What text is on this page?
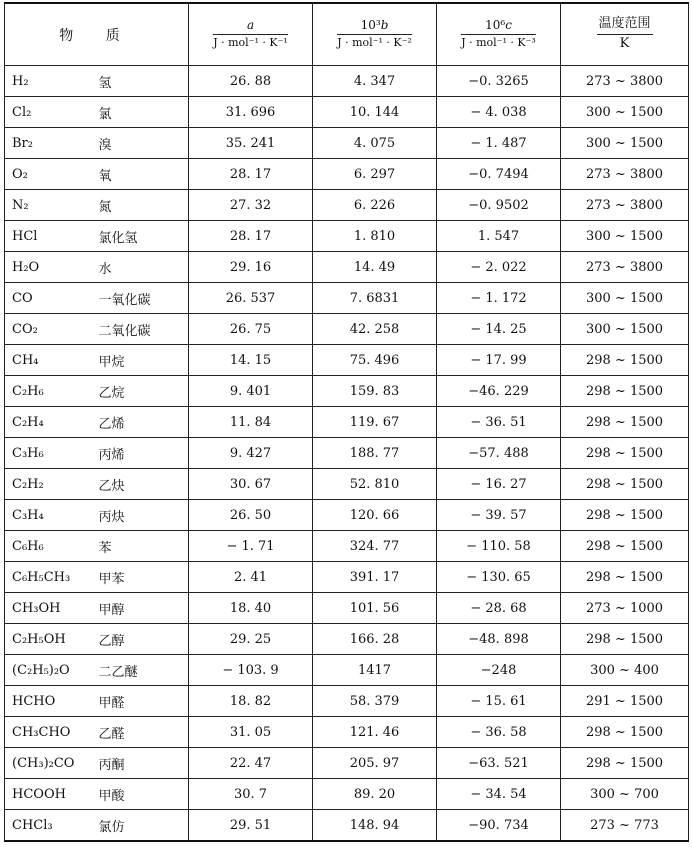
物 质		$\frac{a}{\text{J · mol⁻¹ · K⁻¹}}$	$\frac{\text{10³b}}{\text{J · mol⁻¹ · K⁻²}}$	$\frac{\text{10⁶c}}{\text{J · mol⁻¹ · K⁻³}}$	温度范围
K

H₂	氢	26. 88	4. 347	−0. 3265	273 ~ 3800
Cl₂	氯	31. 696	10. 144	− 4. 038	300 ~ 1500
Br₂	溴	35. 241	4. 075	− 1. 487	300 ~ 1500
O₂	氧	28. 17	6. 297	−0. 7494	273 ~ 3800
N₂	氮	27. 32	6. 226	−0. 9502	273 ~ 3800
HCl	氯化氢	28. 17	1. 810	1. 547	300 ~ 1500
H₂O	水	29. 16	14. 49	− 2. 022	273 ~ 3800
CO	一氧化碳	26. 537	7. 6831	− 1. 172	300 ~ 1500
CO₂	二氧化碳	26. 75	42. 258	− 14. 25	300 ~ 1500
CH₄	甲烷	14. 15	75. 496	− 17. 99	298 ~ 1500
C₂H₆	乙烷	9. 401	159. 83	−46. 229	298 ~ 1500
C₂H₄	乙烯	11. 84	119. 67	− 36. 51	298 ~ 1500
C₃H₆	丙烯	9. 427	188. 77	−57. 488	298 ~ 1500
C₂H₂	乙炔	30. 67	52. 810	− 16. 27	298 ~ 1500
C₃H₄	丙炔	26. 50	120. 66	− 39. 57	298 ~ 1500
C₆H₆	苯	− 1. 71	324. 77	− 110. 58	298 ~ 1500
C₆H₅CH₃	甲苯	2. 41	391. 17	− 130. 65	298 ~ 1500
CH₃OH	甲醇	18. 40	101. 56	− 28. 68	273 ~ 1000
C₂H₅OH	乙醇	29. 25	166. 28	−48. 898	298 ~ 1500
(C₂H₅)₂O	二乙醚	− 103. 9	1417	−248	300 ~ 400
HCHO	甲醛	18. 82	58. 379	− 15. 61	291 ~ 1500
CH₃CHO	乙醛	31. 05	121. 46	− 36. 58	298 ~ 1500
(CH₃)₂CO	丙酮	22. 47	205. 97	−63. 521	298 ~ 1500
HCOOH	甲酸	30. 7	89. 20	− 34. 54	300 ~ 700
CHCl₃	氯仿	29. 51	148. 94	−90. 734	273 ~ 773
